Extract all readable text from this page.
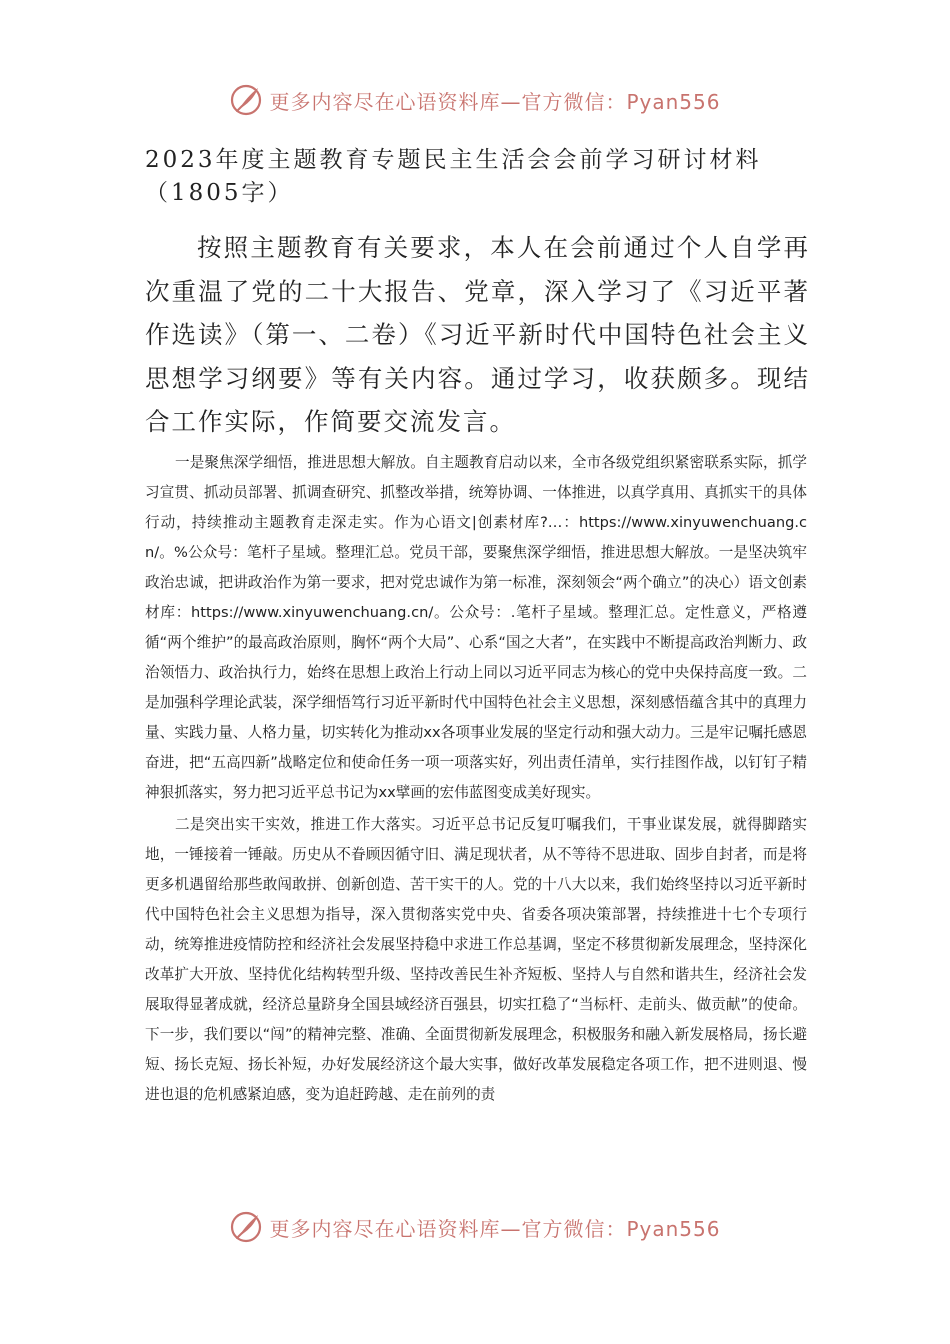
更多内容尽在心语资料库—官方微信：Pyan556
2023年度主题教育专题民主生活会会前学习研讨材料（1805字）
按照主题教育有关要求，本人在会前通过个人自学再次重温了党的二十大报告、党章，深入学习了《习近平著作选读》（第一、二卷）《习近平新时代中国特色社会主义思想学习纲要》等有关内容。通过学习，收获颇多。现结合工作实际，作简要交流发言。

一是聚焦深学细悟，推进思想大解放。自主题教育启动以来，全市各级党组织紧密联系实际，抓学习宣贯、抓动员部署、抓调查研究、抓整改举措，统筹协调、一体推进，以真学真用、真抓实干的具体行动，持续推动主题教育走深走实。作为心语文|创素材库?…：https://www.xinyuwenchuang.cn/。%公众号：笔杆子星域。整理汇总。党员干部，要聚焦深学细悟，推进思想大解放。一是坚决筑牢政治忠诚，把讲政治作为第一要求，把对党忠诚作为第一标准，深刻领会“两个确立”的决心）语文创素材库：https://www.xinyuwenchuang.cn/。公众号：.笔杆子星域。整理汇总。定性意义，严格遵循“两个维护”的最高政治原则，胸怀“两个大局”、心系“国之大者”，在实践中不断提高政治判断力、政治领悟力、政治执行力，始终在思想上政治上行动上同以习近平同志为核心的党中央保持高度一致。二是加强科学理论武装，深学细悟笃行习近平新时代中国特色社会主义思想，深刻感悟蕴含其中的真理力量、实践力量、人格力量，切实转化为推动xx各项事业发展的坚定行动和强大动力。三是牢记嘱托感恩奋进，把“五高四新”战略定位和使命任务一项一项落实好，列出责任清单，实行挂图作战，以钉钉子精神狠抓落实，努力把习近平总书记为xx擘画的宏伟蓝图变成美好现实。

二是突出实干实效，推进工作大落实。习近平总书记反复叮嘱我们，干事业谋发展，就得脚踏实地，一锤接着一锤敲。历史从不眷顾因循守旧、满足现状者，从不等待不思进取、固步自封者，而是将更多机遇留给那些敢闯敢拼、创新创造、苦干实干的人。党的十八大以来，我们始终坚持以习近平新时代中国特色社会主义思想为指导，深入贯彻落实党中央、省委各项决策部署，持续推进十七个专项行动，统筹推进疫情防控和经济社会发展坚持稳中求进工作总基调，坚定不移贯彻新发展理念，坚持深化改革扩大开放、坚持优化结构转型升级、坚持改善民生补齐短板、坚持人与自然和谐共生，经济社会发展取得显著成就，经济总量跻身全国县域经济百强县，切实扛稳了“当标杆、走前头、做贡献”的使命。下一步，我们要以“闯”的精神完整、准确、全面贯彻新发展理念，积极服务和融入新发展格局，扬长避短、扬长克短、扬长补短，办好发展经济这个最大实事，做好改革发展稳定各项工作，把不进则退、慢进也退的危机感紧迫感，变为追赶跨越、走在前列的责

更多内容尽在心语资料库—官方微信：Pyan556
